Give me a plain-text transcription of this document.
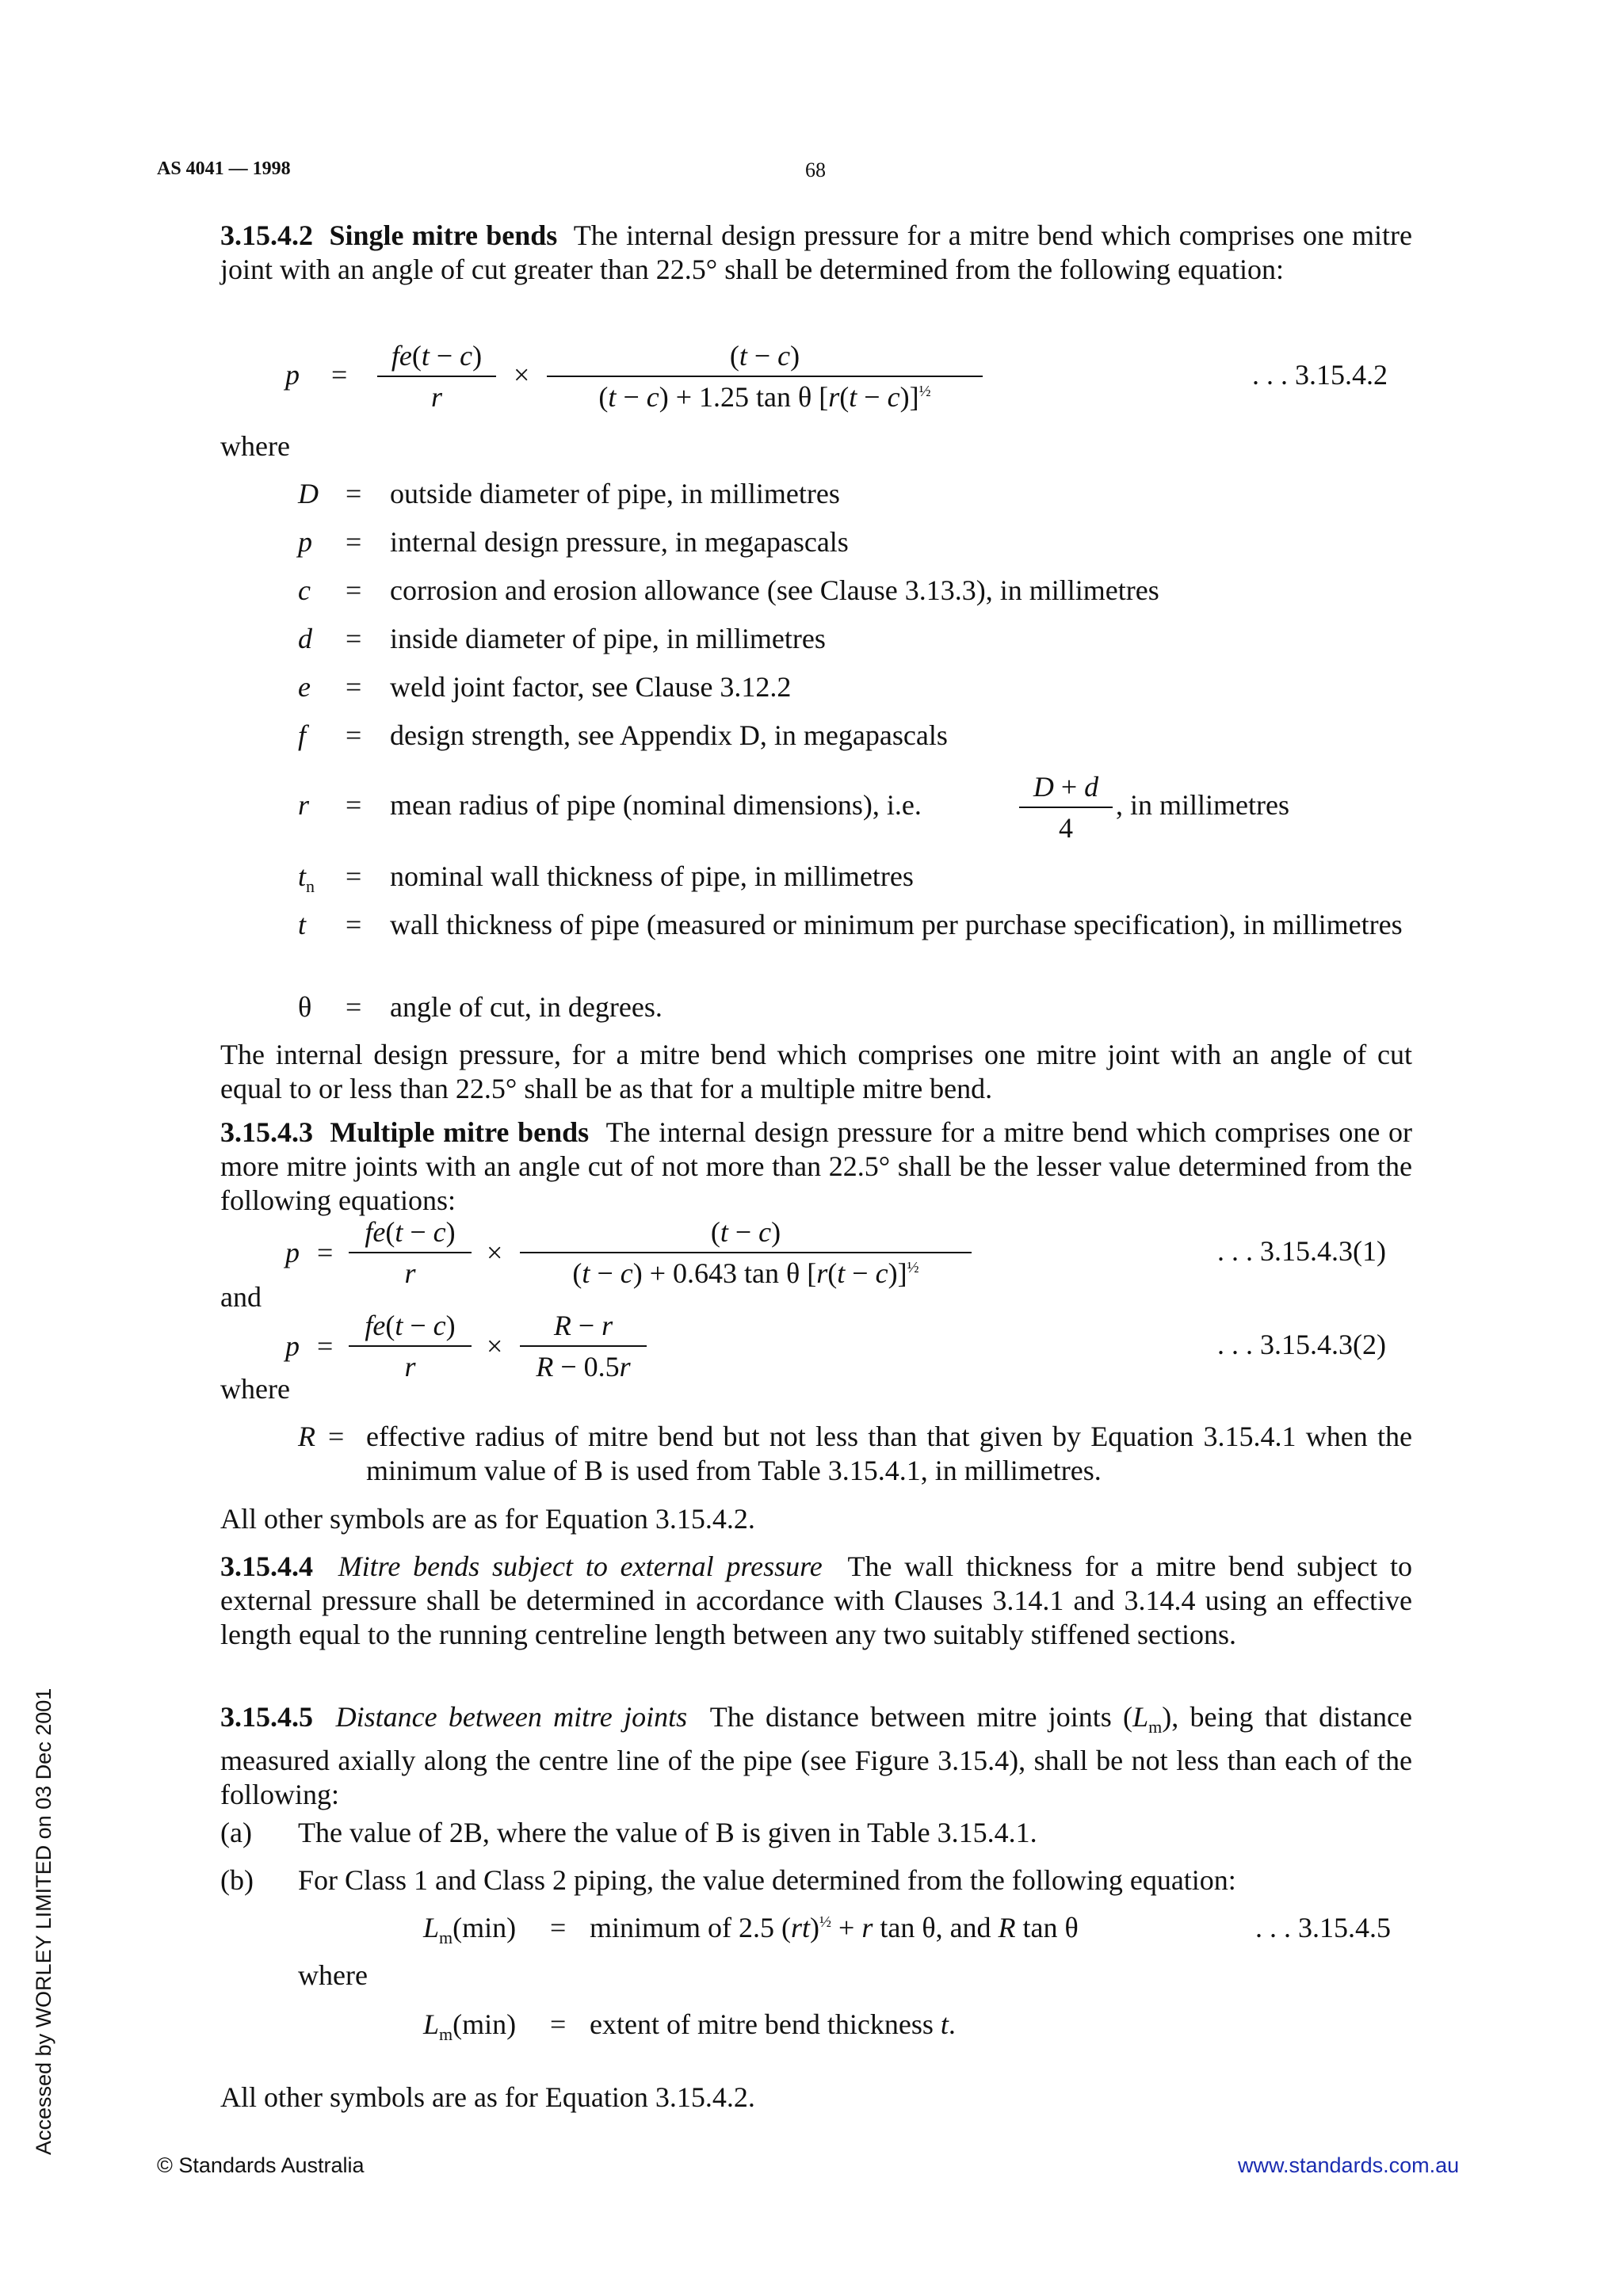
AS 4041 — 1998	68
3.15.4.2 Single mitre bends The internal design pressure for a mitre bend which comprises one mitre joint with an angle of cut greater than 22.5° shall be determined from the following equation:
$p = \frac{fe(t - c)}{r} \times \frac{(t - c)}{(t - c) + 1.25 \tan \theta [r(t - c)]^{\frac{1}{2}}}$	. . . 3.15.4.2
where
D = outside diameter of pipe, in millimetres
p = internal design pressure, in megapascals
c = corrosion and erosion allowance (see Clause 3.13.3), in millimetres
d = inside diameter of pipe, in millimetres
e = weld joint factor, see Clause 3.12.2
f = design strength, see Appendix D, in megapascals
r = mean radius of pipe (nominal dimensions), i.e.	$\frac{D + d}{4}$ , in millimetres
$t_n$ = nominal wall thickness of pipe, in millimetres
t = wall thickness of pipe (measured or minimum per purchase specification), in millimetres
θ = angle of cut, in degrees.
The internal design pressure, for a mitre bend which comprises one mitre joint with an angle of cut equal to or less than 22.5° shall be as that for a multiple mitre bend.
3.15.4.3 Multiple mitre bends The internal design pressure for a mitre bend which comprises one or more mitre joints with an angle cut of not more than 22.5° shall be the lesser value determined from the following equations:
$p = \frac{fe(t - c)}{r} \times \frac{(t - c)}{(t - c) + 0.643 \tan \theta [r(t - c)]^{\frac{1}{2}}}$	. . . 3.15.4.3(1)
and
$p = \frac{fe(t - c)}{r} \times \frac{R - r}{R - 0.5r}$	. . . 3.15.4.3(2)
where
R = effective radius of mitre bend but not less than that given by Equation 3.15.4.1 when the minimum value of B is used from Table 3.15.4.1, in millimetres.
All other symbols are as for Equation 3.15.4.2.
3.15.4.4 Mitre bends subject to external pressure The wall thickness for a mitre bend subject to external pressure shall be determined in accordance with Clauses 3.14.1 and 3.14.4 using an effective length equal to the running centreline length between any two suitably stiffened sections.
3.15.4.5 Distance between mitre joints The distance between mitre joints $(L_m)$, being that distance measured axially along the centre line of the pipe (see Figure 3.15.4), shall be not less than each of the following:
(a) The value of 2B, where the value of B is given in Table 3.15.4.1.
(b) For Class 1 and Class 2 piping, the value determined from the following equation:
$L_m(\min)$ = minimum of 2.5 (rt)$^{\frac{1}{2}}$ + r tan θ, and R tan θ	. . . 3.15.4.5
where
$L_m(\min)$ = extent of mitre bend thickness t.
All other symbols are as for Equation 3.15.4.2.
Accessed by WORLEY LIMITED on 03 Dec 2001
© Standards Australia	www.standards.com.au
